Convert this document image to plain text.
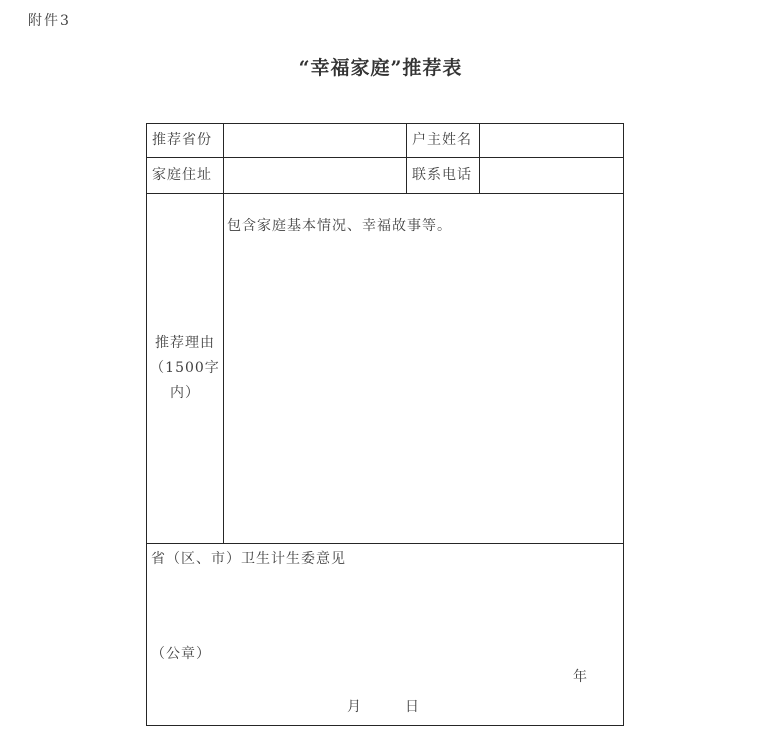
附件3
“幸福家庭”推荐表
推荐省份		户主姓名	
家庭住址		联系电话	

推荐理由
（1500字
内）	包含家庭基本情况、幸福故事等。		

省（区、市）卫生计生委意见
（公章）
年
月 日			
